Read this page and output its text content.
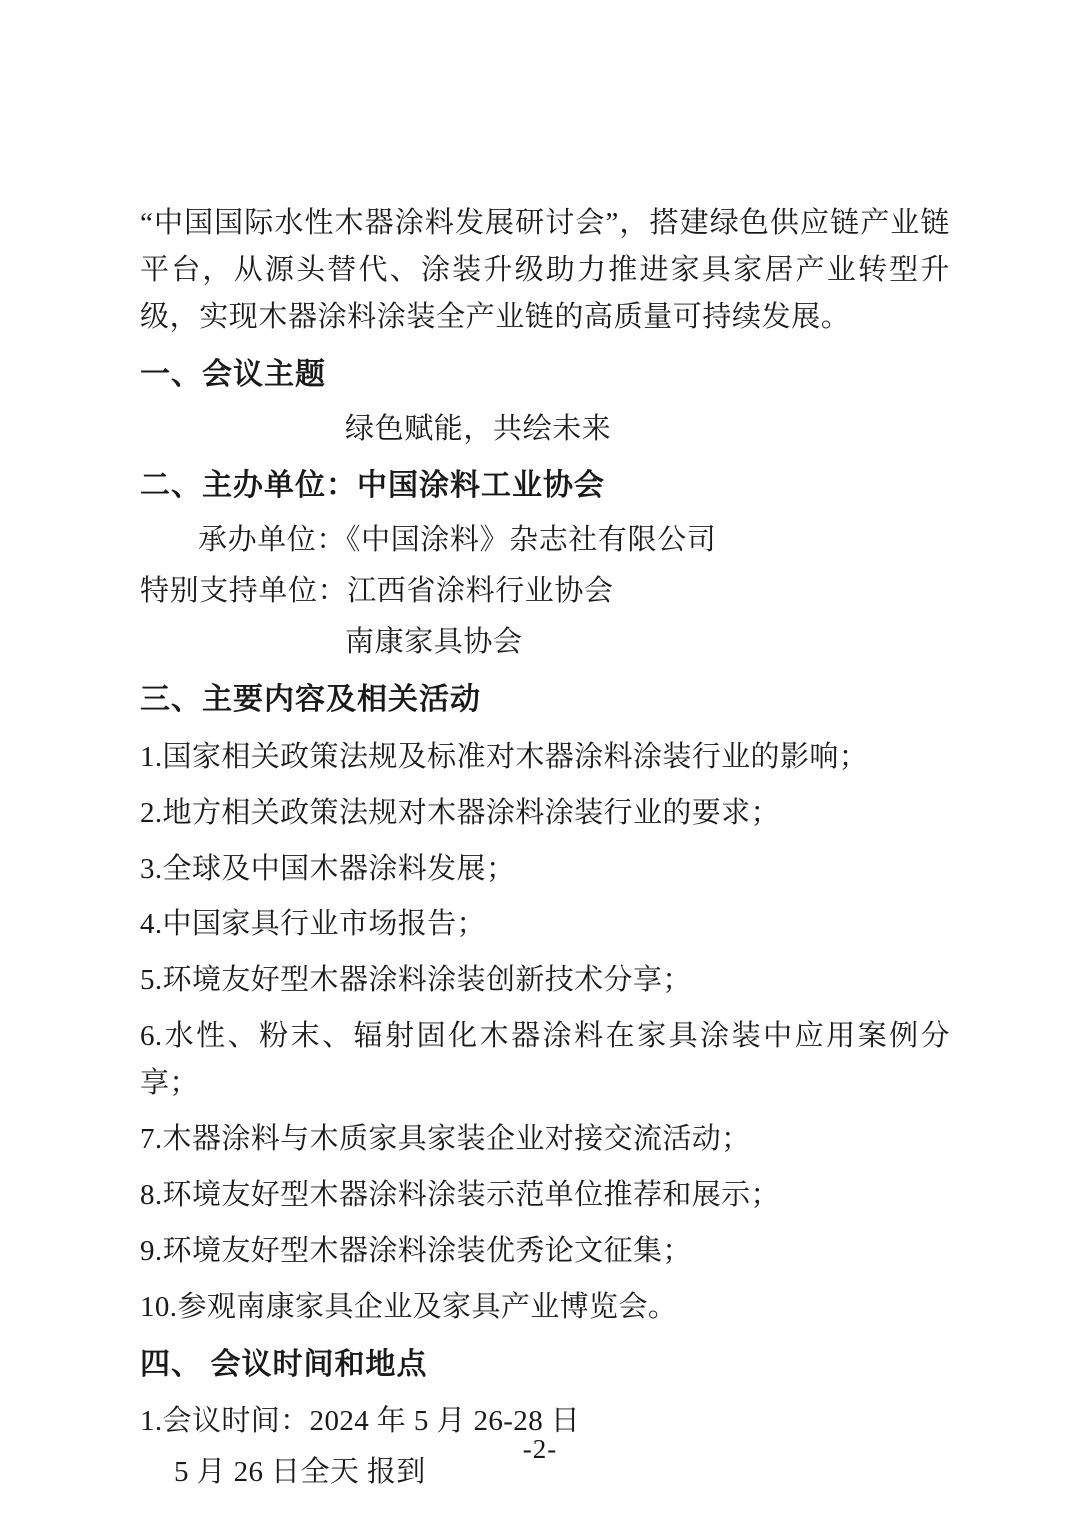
“中国国际水性木器涂料发展研讨会”，搭建绿色供应链产业链平台，从源头替代、涂装升级助力推进家具家居产业转型升级，实现木器涂料涂装全产业链的高质量可持续发展。

一、会议主题

绿色赋能，共绘未来

二、主办单位：中国涂料工业协会

承办单位：《中国涂料》杂志社有限公司

特别支持单位：江西省涂料行业协会

南康家具协会

三、主要内容及相关活动

1.国家相关政策法规及标准对木器涂料涂装行业的影响；

2.地方相关政策法规对木器涂料涂装行业的要求；

3.全球及中国木器涂料发展；

4.中国家具行业市场报告；

5.环境友好型木器涂料涂装创新技术分享；

6.水性、粉末、辐射固化木器涂料在家具涂装中应用案例分享；

7.木器涂料与木质家具家装企业对接交流活动；

8.环境友好型木器涂料涂装示范单位推荐和展示；

9.环境友好型木器涂料涂装优秀论文征集；

10.参观南康家具企业及家具产业博览会。

四、 会议时间和地点

1.会议时间：2024 年 5 月 26-28 日

5 月 26 日全天 报到

-2-
